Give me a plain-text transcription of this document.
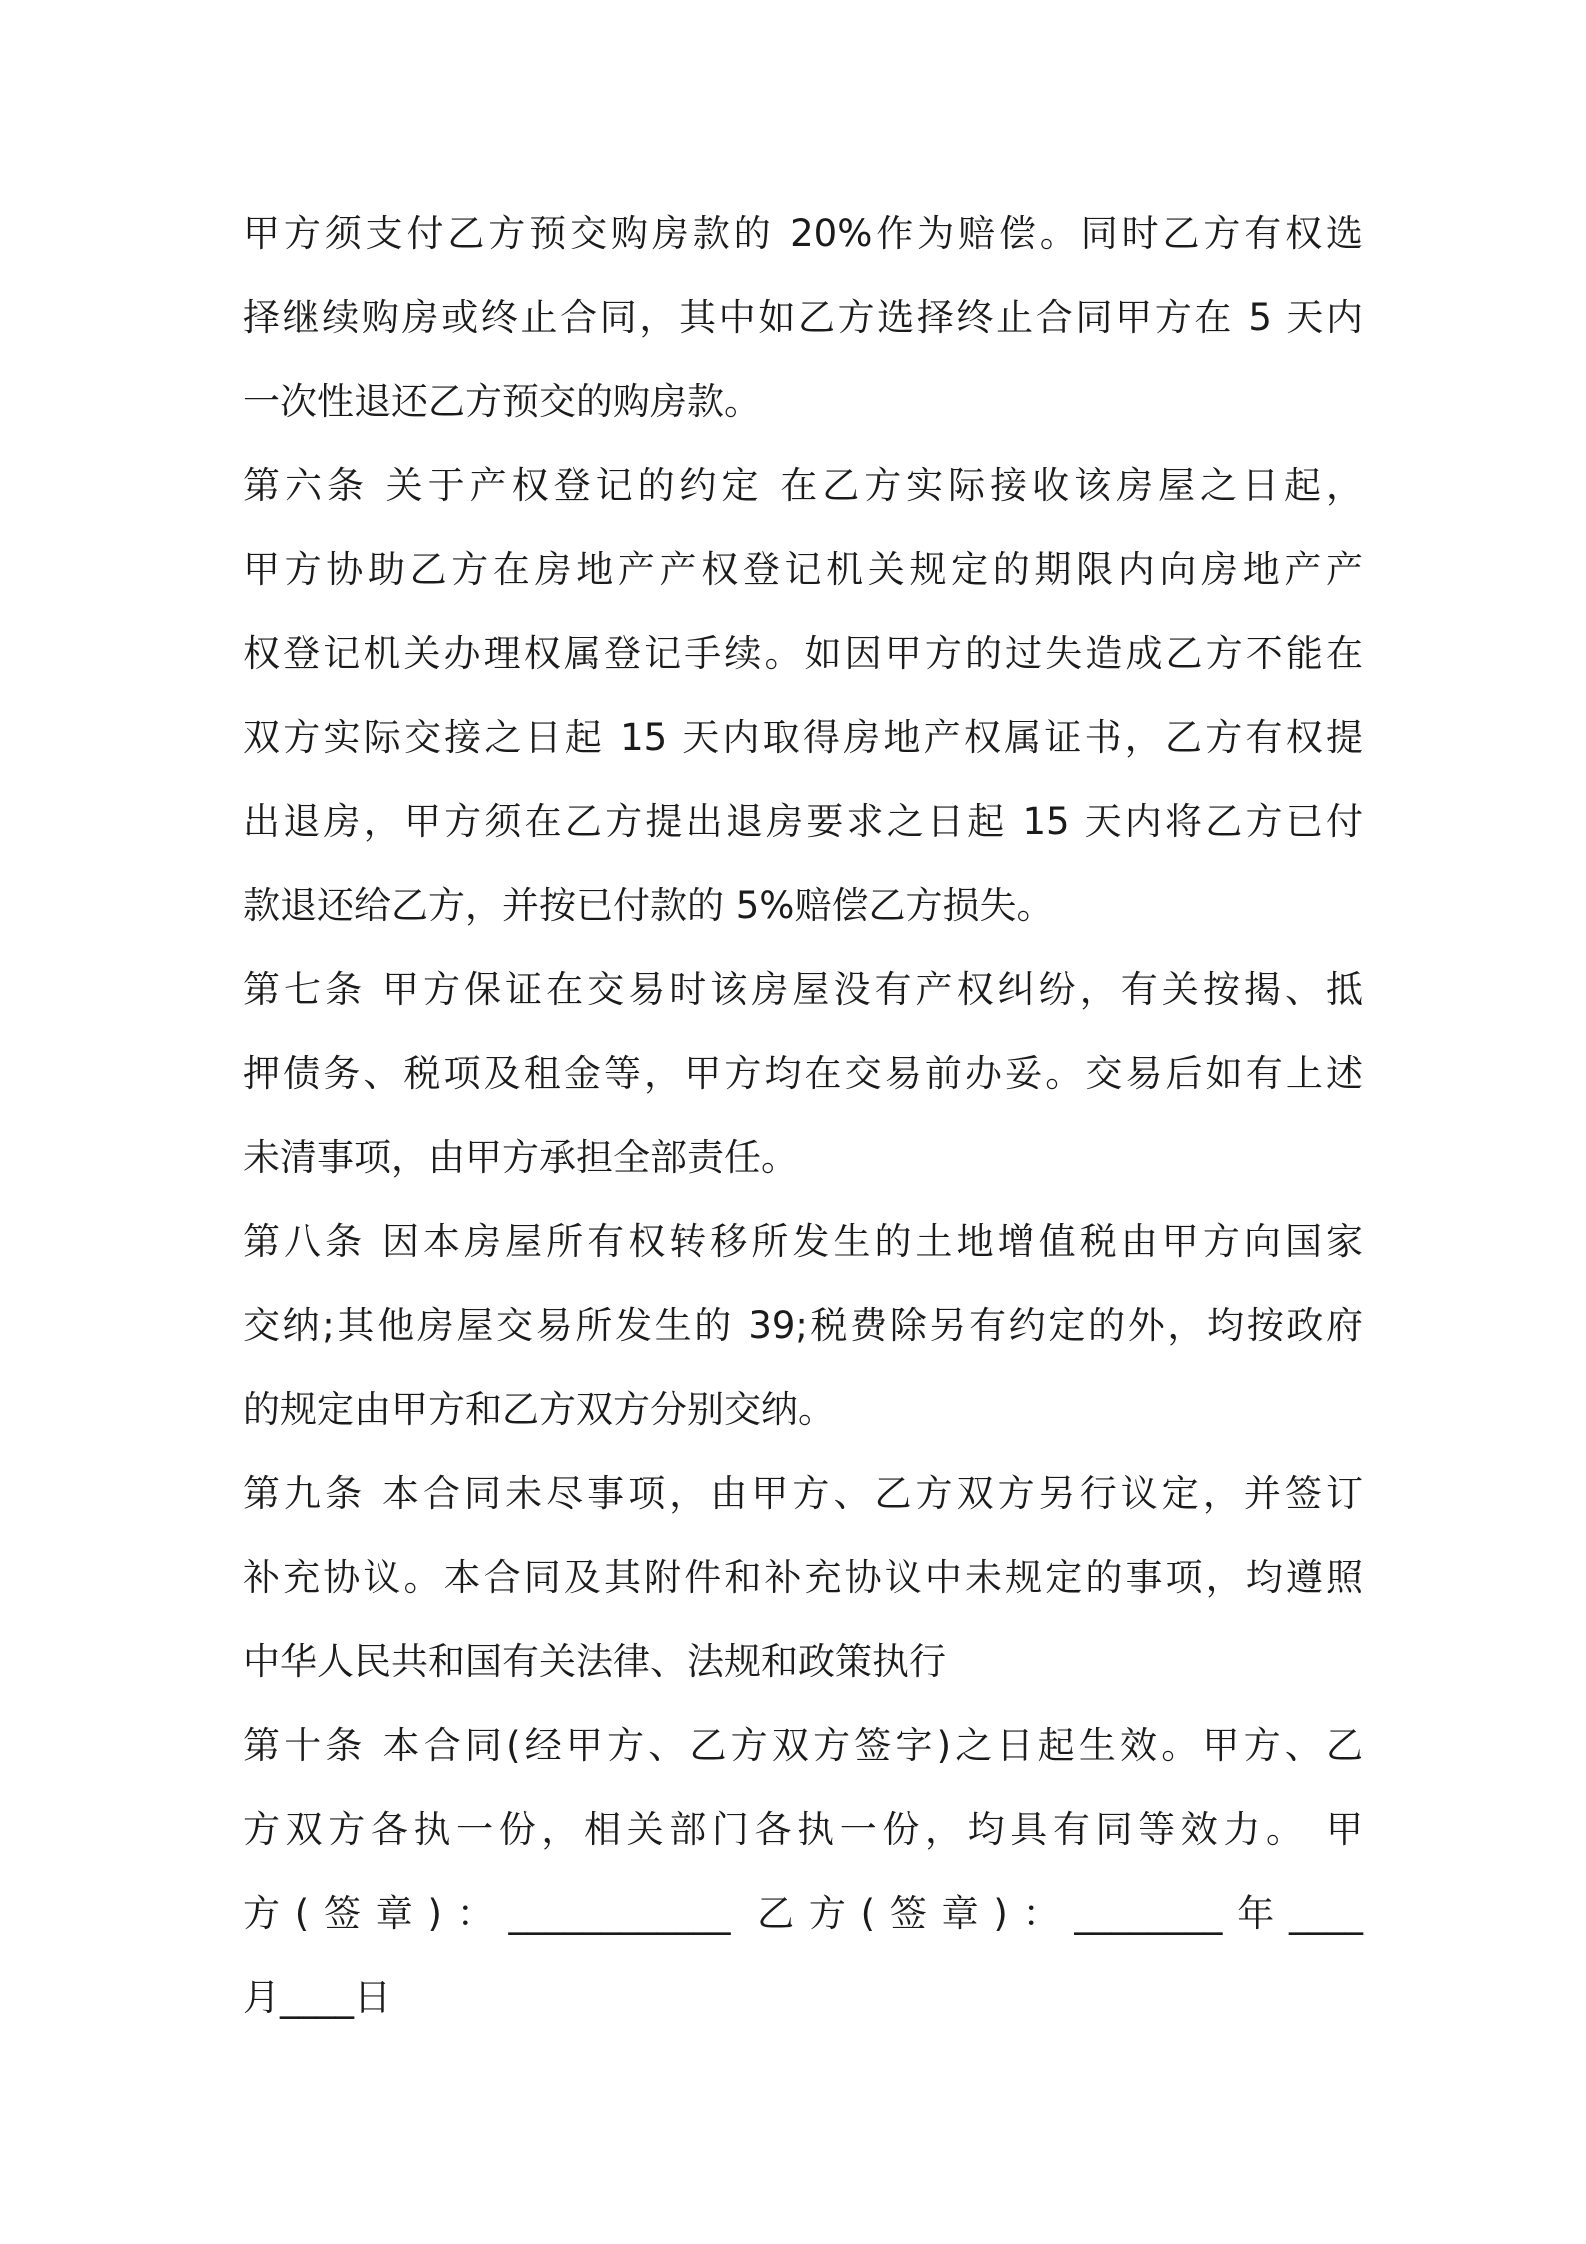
甲方须支付乙方预交购房款的 20%作为赔偿。同时乙方有权选
择继续购房或终止合同，其中如乙方选择终止合同甲方在 5 天内
一次性退还乙方预交的购房款。
第六条 关于产权登记的约定 在乙方实际接收该房屋之日起，
甲方协助乙方在房地产产权登记机关规定的期限内向房地产产
权登记机关办理权属登记手续。如因甲方的过失造成乙方不能在
双方实际交接之日起 15 天内取得房地产权属证书，乙方有权提
出退房，甲方须在乙方提出退房要求之日起 15 天内将乙方已付
款退还给乙方，并按已付款的 5%赔偿乙方损失。
第七条 甲方保证在交易时该房屋没有产权纠纷，有关按揭、抵
押债务、税项及租金等，甲方均在交易前办妥。交易后如有上述
未清事项，由甲方承担全部责任。
第八条 因本房屋所有权转移所发生的土地增值税由甲方向国家
交纳;其他房屋交易所发生的 39;税费除另有约定的外，均按政府
的规定由甲方和乙方双方分别交纳。
第九条 本合同未尽事项，由甲方、乙方双方另行议定，并签订
补充协议。本合同及其附件和补充协议中未规定的事项，均遵照
中华人民共和国有关法律、法规和政策执行
第十条 本合同(经甲方、乙方双方签字)之日起生效。甲方、乙
方双方各执一份，相关部门各执一份，均具有同等效力。 甲
方(签章)：____________ 乙方(签章)：________年____
月____日
